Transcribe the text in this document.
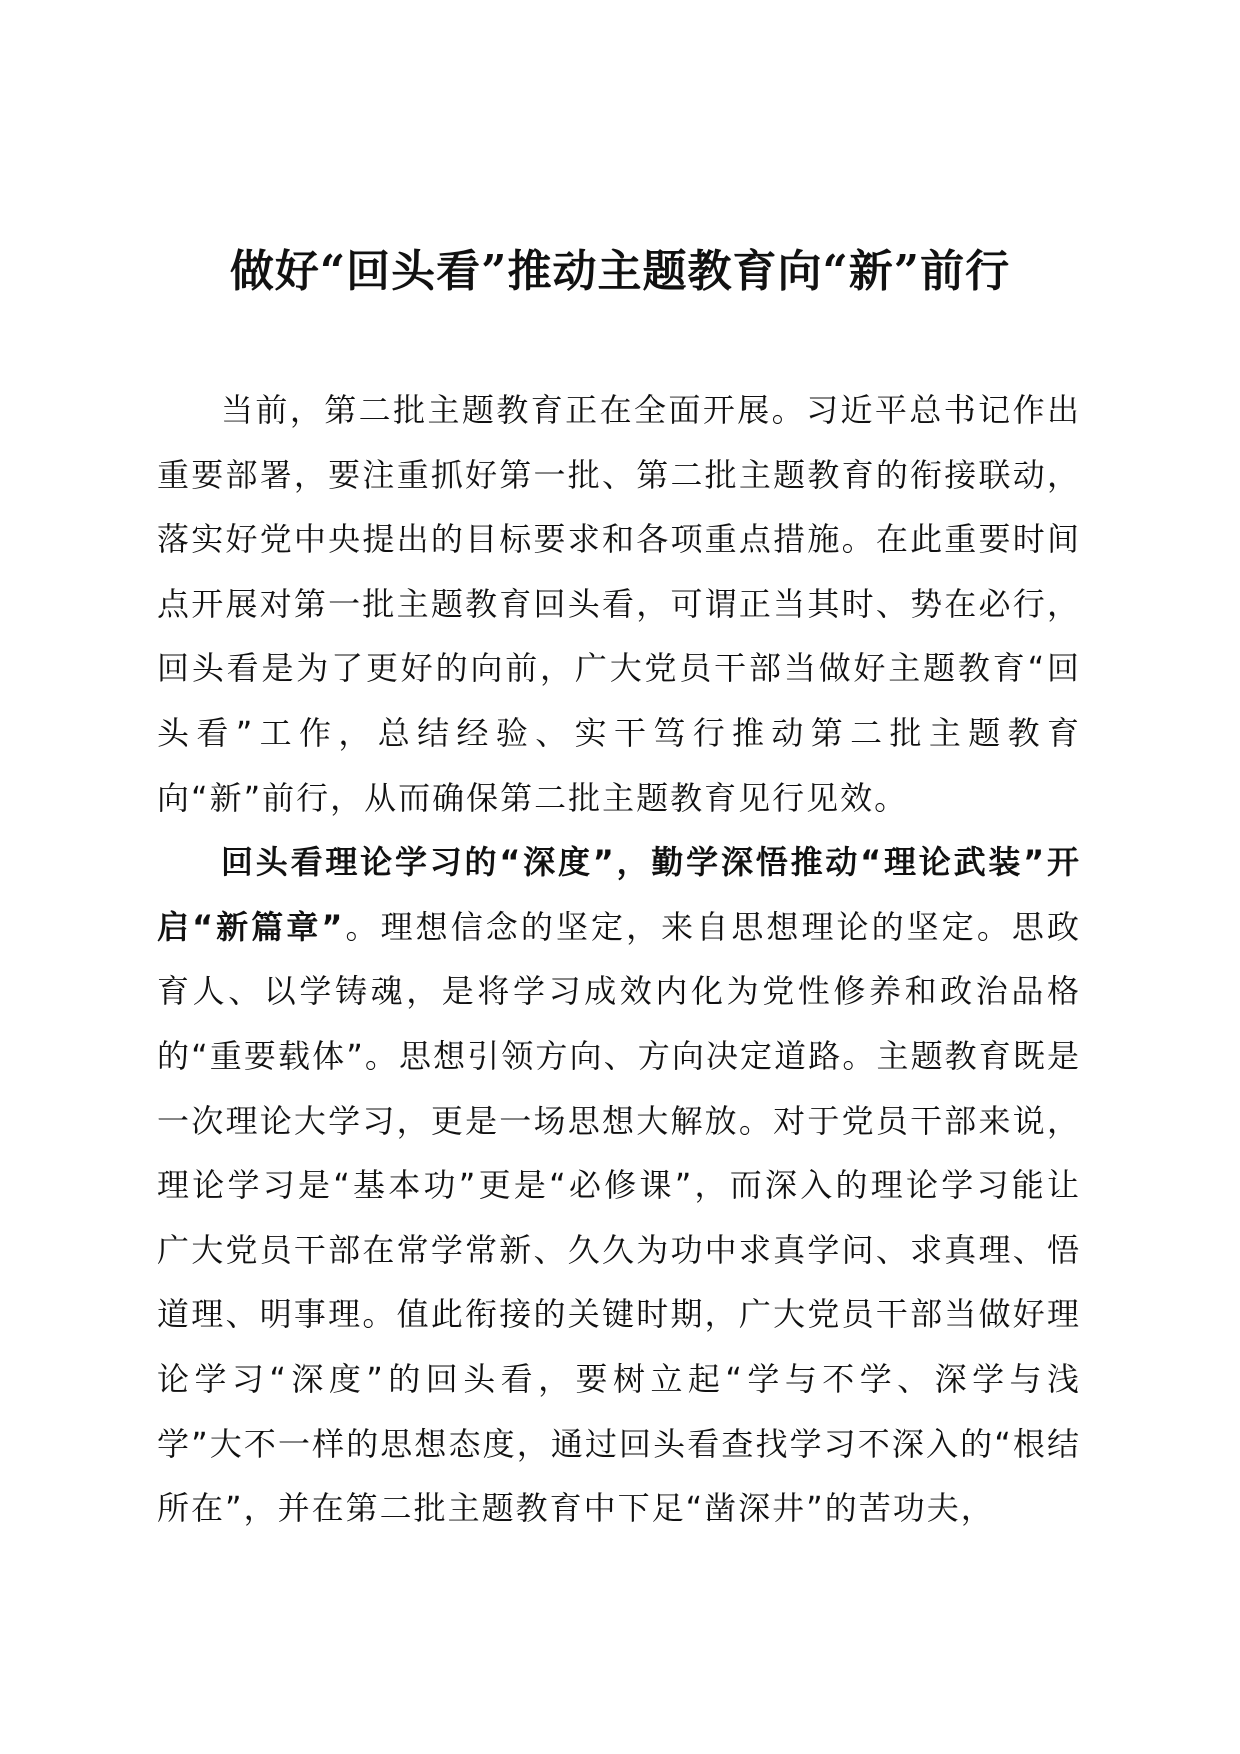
做好“回头看”推动主题教育向“新”前行

当前，第二批主题教育正在全面开展。习近平总书记作出重要部署，要注重抓好第一批、第二批主题教育的衔接联动，落实好党中央提出的目标要求和各项重点措施。在此重要时间点开展对第一批主题教育回头看，可谓正当其时、势在必行，回头看是为了更好的向前，广大党员干部当做好主题教育“回头看”工作，总结经验、实干笃行推动第二批主题教育向“新”前行，从而确保第二批主题教育见行见效。

回头看理论学习的“深度”，勤学深悟推动“理论武装”开启“新篇章”。理想信念的坚定，来自思想理论的坚定。思政育人、以学铸魂，是将学习成效内化为党性修养和政治品格的“重要载体”。思想引领方向、方向决定道路。主题教育既是一次理论大学习，更是一场思想大解放。对于党员干部来说，理论学习是“基本功”更是“必修课”，而深入的理论学习能让广大党员干部在常学常新、久久为功中求真学问、求真理、悟道理、明事理。值此衔接的关键时期，广大党员干部当做好理论学习“深度”的回头看，要树立起“学与不学、深学与浅学”大不一样的思想态度，通过回头看查找学习不深入的“根结所在”，并在第二批主题教育中下足“凿深井”的苦功夫，
